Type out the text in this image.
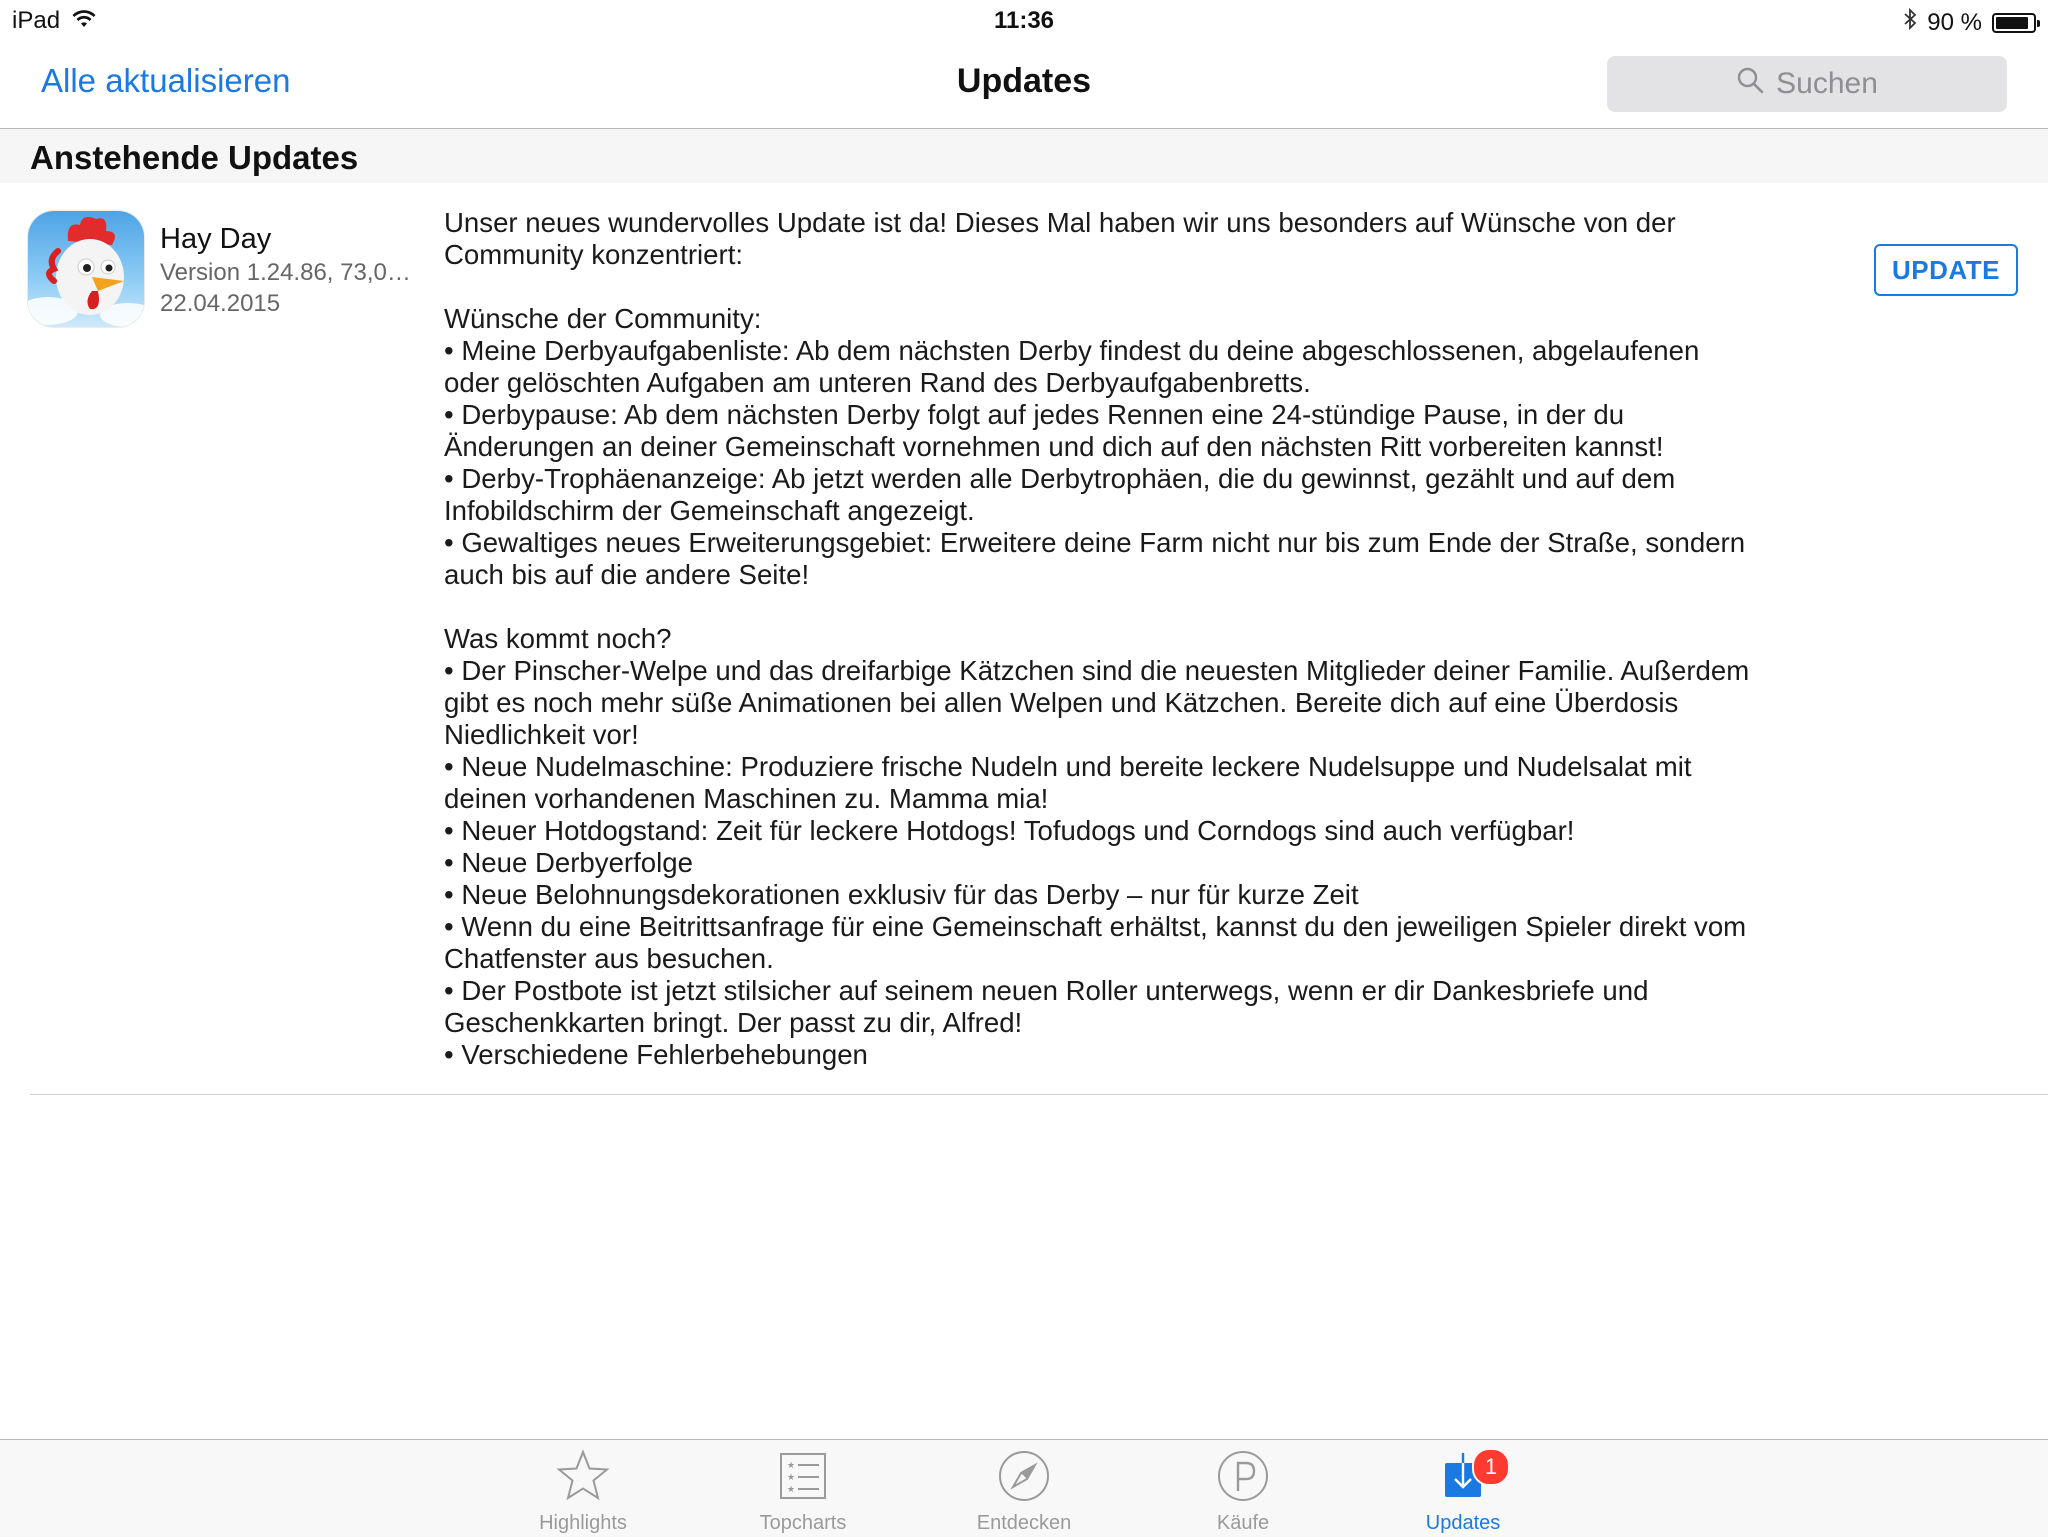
iPad	11:36	90 %
Alle aktualisieren	Updates	Suchen
Anstehende Updates
Hay Day
Version 1.24.86, 73,0…
22.04.2015

Unser neues wundervolles Update ist da! Dieses Mal haben wir uns besonders auf Wünsche von der Community konzentriert:

Wünsche der Community:

• Meine Derbyaufgabenliste: Ab dem nächsten Derby findest du deine abgeschlossenen, abgelaufenen oder gelöschten Aufgaben am unteren Rand des Derbyaufgabenbretts.

• Derbypause: Ab dem nächsten Derby folgt auf jedes Rennen eine 24-stündige Pause, in der du Änderungen an deiner Gemeinschaft vornehmen und dich auf den nächsten Ritt vorbereiten kannst!

• Derby-Trophäenanzeige: Ab jetzt werden alle Derbytrophäen, die du gewinnst, gezählt und auf dem Infobildschirm der Gemeinschaft angezeigt.

• Gewaltiges neues Erweiterungsgebiet: Erweitere deine Farm nicht nur bis zum Ende der Straße, sondern auch bis auf die andere Seite!

Was kommt noch?

• Der Pinscher-Welpe und das dreifarbige Kätzchen sind die neuesten Mitglieder deiner Familie. Außerdem gibt es noch mehr süße Animationen bei allen Welpen und Kätzchen. Bereite dich auf eine Überdosis Niedlichkeit vor!

• Neue Nudelmaschine: Produziere frische Nudeln und bereite leckere Nudelsuppe und Nudelsalat mit deinen vorhandenen Maschinen zu. Mamma mia!

• Neuer Hotdogstand: Zeit für leckere Hotdogs! Tofudogs und Corndogs sind auch verfügbar!

• Neue Derbyerfolge

• Neue Belohnungsdekorationen exklusiv für das Derby – nur für kurze Zeit

• Wenn du eine Beitrittsanfrage für eine Gemeinschaft erhältst, kannst du den jeweiligen Spieler direkt vom Chatfenster aus besuchen.

• Der Postbote ist jetzt stilsicher auf seinem neuen Roller unterwegs, wenn er dir Dankesbriefe und Geschenkkarten bringt. Der passt zu dir, Alfred!

• Verschiedene Fehlerbehebungen

UPDATE
Highlights
★
★
★
Topcharts	Entdecken	Käufe
1
Updates
